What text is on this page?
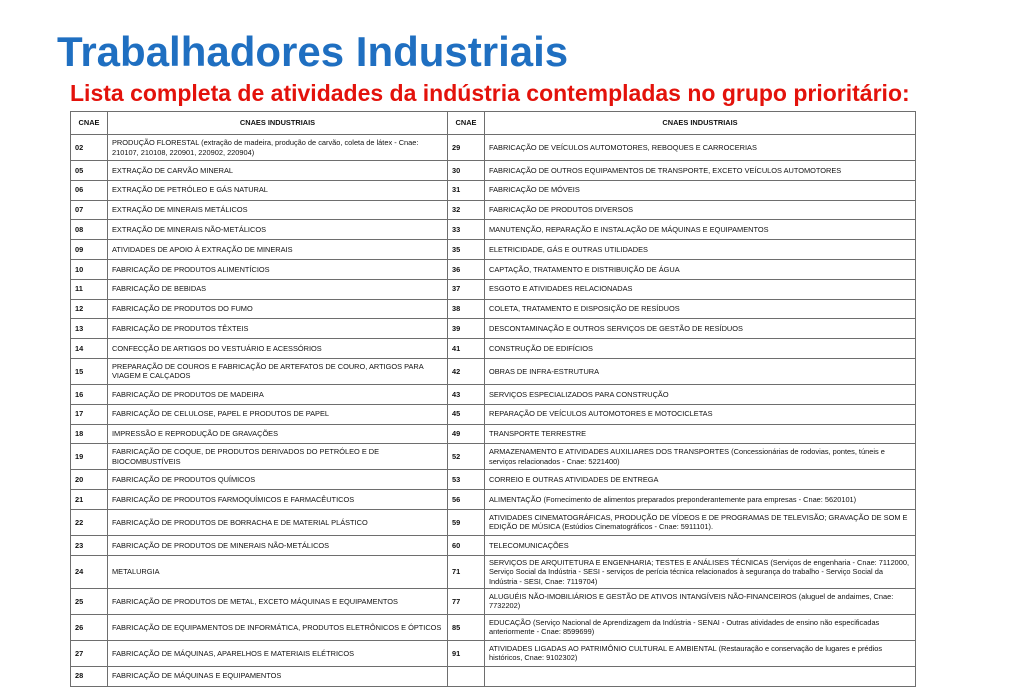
Trabalhadores Industriais
Lista completa de atividades da indústria contempladas no grupo prioritário:
CNAE	CNAES INDUSTRIAIS	CNAE	CNAES INDUSTRIAIS
02	PRODUÇÃO FLORESTAL (extração de madeira, produção de carvão, coleta de látex - Cnae: 210107, 210108, 220901, 220902, 220904)	29	FABRICAÇÃO DE VEÍCULOS AUTOMOTORES, REBOQUES E CARROCERIAS
05	EXTRAÇÃO DE CARVÃO MINERAL	30	FABRICAÇÃO DE OUTROS EQUIPAMENTOS DE TRANSPORTE, EXCETO VEÍCULOS AUTOMOTORES
06	EXTRAÇÃO DE PETRÓLEO E GÁS NATURAL	31	FABRICAÇÃO DE MÓVEIS
07	EXTRAÇÃO DE MINERAIS METÁLICOS	32	FABRICAÇÃO DE PRODUTOS DIVERSOS
08	EXTRAÇÃO DE MINERAIS NÃO-METÁLICOS	33	MANUTENÇÃO, REPARAÇÃO E INSTALAÇÃO DE MÁQUINAS E EQUIPAMENTOS
09	ATIVIDADES DE APOIO À EXTRAÇÃO DE MINERAIS	35	ELETRICIDADE, GÁS E OUTRAS UTILIDADES
10	FABRICAÇÃO DE PRODUTOS ALIMENTÍCIOS	36	CAPTAÇÃO, TRATAMENTO E DISTRIBUIÇÃO DE ÁGUA
11	FABRICAÇÃO DE BEBIDAS	37	ESGOTO E ATIVIDADES RELACIONADAS
12	FABRICAÇÃO DE PRODUTOS DO FUMO	38	COLETA, TRATAMENTO E DISPOSIÇÃO DE RESÍDUOS
13	FABRICAÇÃO DE PRODUTOS TÊXTEIS	39	DESCONTAMINAÇÃO E OUTROS SERVIÇOS DE GESTÃO DE RESÍDUOS
14	CONFECÇÃO DE ARTIGOS DO VESTUÁRIO E ACESSÓRIOS	41	CONSTRUÇÃO DE EDIFÍCIOS
15	PREPARAÇÃO DE COUROS E FABRICAÇÃO DE ARTEFATOS DE COURO, ARTIGOS PARA VIAGEM E CALÇADOS	42	OBRAS DE INFRA-ESTRUTURA
16	FABRICAÇÃO DE PRODUTOS DE MADEIRA	43	SERVIÇOS ESPECIALIZADOS PARA CONSTRUÇÃO
17	FABRICAÇÃO DE CELULOSE, PAPEL E PRODUTOS DE PAPEL	45	REPARAÇÃO DE VEÍCULOS AUTOMOTORES E MOTOCICLETAS
18	IMPRESSÃO E REPRODUÇÃO DE GRAVAÇÕES	49	TRANSPORTE TERRESTRE
19	FABRICAÇÃO DE COQUE, DE PRODUTOS DERIVADOS DO PETRÓLEO E DE BIOCOMBUSTÍVEIS	52	ARMAZENAMENTO E ATIVIDADES AUXILIARES DOS TRANSPORTES (Concessionárias de rodovias, pontes, túneis e serviços relacionados - Cnae: 5221400)
20	FABRICAÇÃO DE PRODUTOS QUÍMICOS	53	CORREIO E OUTRAS ATIVIDADES DE ENTREGA
21	FABRICAÇÃO DE PRODUTOS FARMOQUÍMICOS E FARMACÊUTICOS	56	ALIMENTAÇÃO (Fornecimento de alimentos preparados preponderantemente para empresas - Cnae: 5620101)
22	FABRICAÇÃO DE PRODUTOS DE BORRACHA E DE MATERIAL PLÁSTICO	59	ATIVIDADES CINEMATOGRÁFICAS, PRODUÇÃO DE VÍDEOS E DE PROGRAMAS DE TELEVISÃO; GRAVAÇÃO DE SOM E EDIÇÃO DE MÚSICA (Estúdios Cinematográficos - Cnae: 5911101).
23	FABRICAÇÃO DE PRODUTOS DE MINERAIS NÃO-METÁLICOS	60	TELECOMUNICAÇÕES
24	METALURGIA	71	SERVIÇOS DE ARQUITETURA E ENGENHARIA; TESTES E ANÁLISES TÉCNICAS (Serviços de engenharia - Cnae: 7112000, Serviço Social da Indústria - SESI - serviços de perícia técnica relacionados à segurança do trabalho - Serviço Social da Indústria - SESI, Cnae: 7119704)
25	FABRICAÇÃO DE PRODUTOS DE METAL, EXCETO MÁQUINAS E EQUIPAMENTOS	77	ALUGUÉIS NÃO-IMOBILIÁRIOS E GESTÃO DE ATIVOS INTANGÍVEIS NÃO-FINANCEIROS (aluguel de andaimes, Cnae: 7732202)
26	FABRICAÇÃO DE EQUIPAMENTOS DE INFORMÁTICA, PRODUTOS ELETRÔNICOS E ÓPTICOS	85	EDUCAÇÃO (Serviço Nacional de Aprendizagem da Indústria - SENAI - Outras atividades de ensino não especificadas anteriormente - Cnae: 8599699)
27	FABRICAÇÃO DE MÁQUINAS, APARELHOS E MATERIAIS ELÉTRICOS	91	ATIVIDADES LIGADAS AO PATRIMÔNIO CULTURAL E AMBIENTAL (Restauração e conservação de lugares e prédios históricos, Cnae: 9102302)
28	FABRICAÇÃO DE MÁQUINAS E EQUIPAMENTOS		
